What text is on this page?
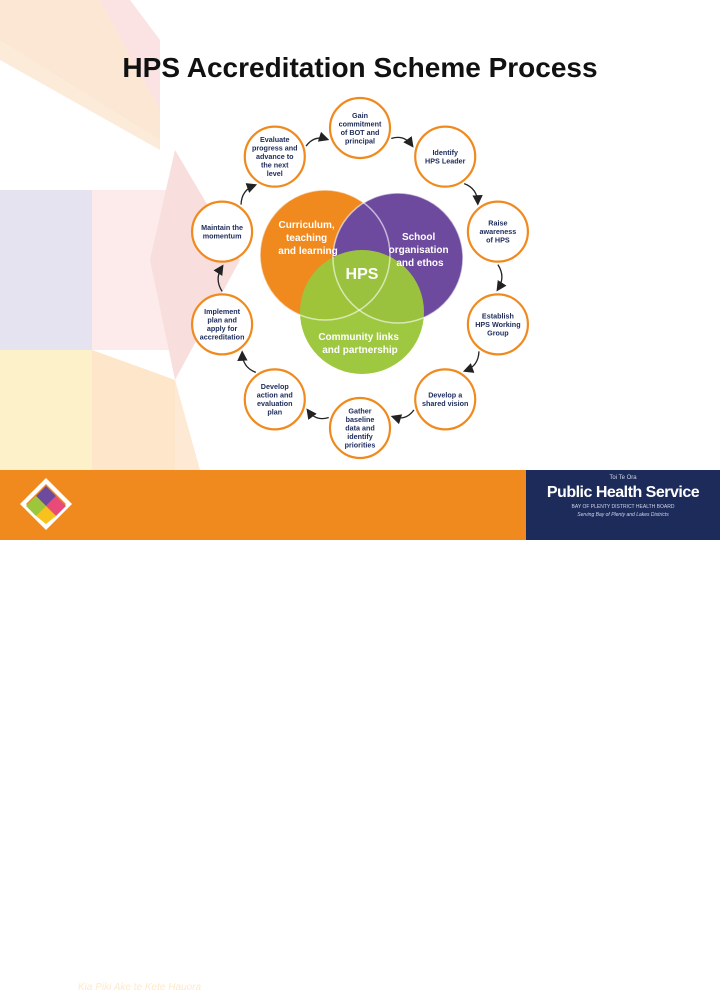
HPS Accreditation Scheme Process
Curriculum, teaching and learning
School organisation and ethos
Community links and partnership
HPS
Gain commitment of BOT and principal
Identify HPS Leader
Raise awareness of HPS
Establish HPS Working Group
Develop a shared vision
Gather baseline data and identify priorities
Develop action and evaluation plan
Implement plan and apply for accreditation
Maintain the momentum
Evaluate progress and advance to the next level
Bay of Plenty and Lakes District
Health Promoting Schools
Kia Piki Ake te Kete Hauora
Toi Te Ora
Public Health Service
BAY OF PLENTY DISTRICT HEALTH BOARD
Serving Bay of Plenty and Lakes Districts
